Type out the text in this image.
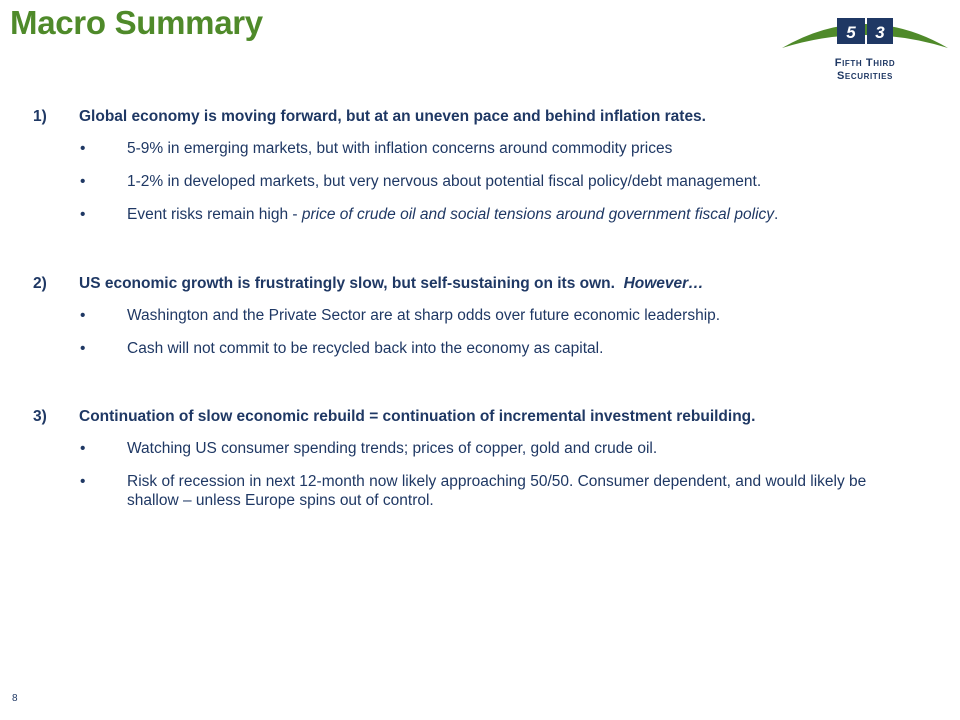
Macro Summary	5 3
Fifth Third
Securities
1) Global economy is moving forward, but at an uneven pace and behind inflation rates.
•	5-9% in emerging markets, but with inflation concerns around commodity prices
•	1-2% in developed markets, but very nervous about potential fiscal policy/debt management.
•	Event risks remain high - price of crude oil and social tensions around government fiscal policy.
2) US economic growth is frustratingly slow, but self-sustaining on its own.  However…
•	Washington and the Private Sector are at sharp odds over future economic leadership.
•	Cash will not commit to be recycled back into the economy as capital.
3) Continuation of slow economic rebuild = continuation of incremental investment rebuilding.
•	Watching US consumer spending trends; prices of copper, gold and crude oil.
•	Risk of recession in next 12-month now likely approaching 50/50. Consumer dependent, and would likely be shallow – unless Europe spins out of control.
8
